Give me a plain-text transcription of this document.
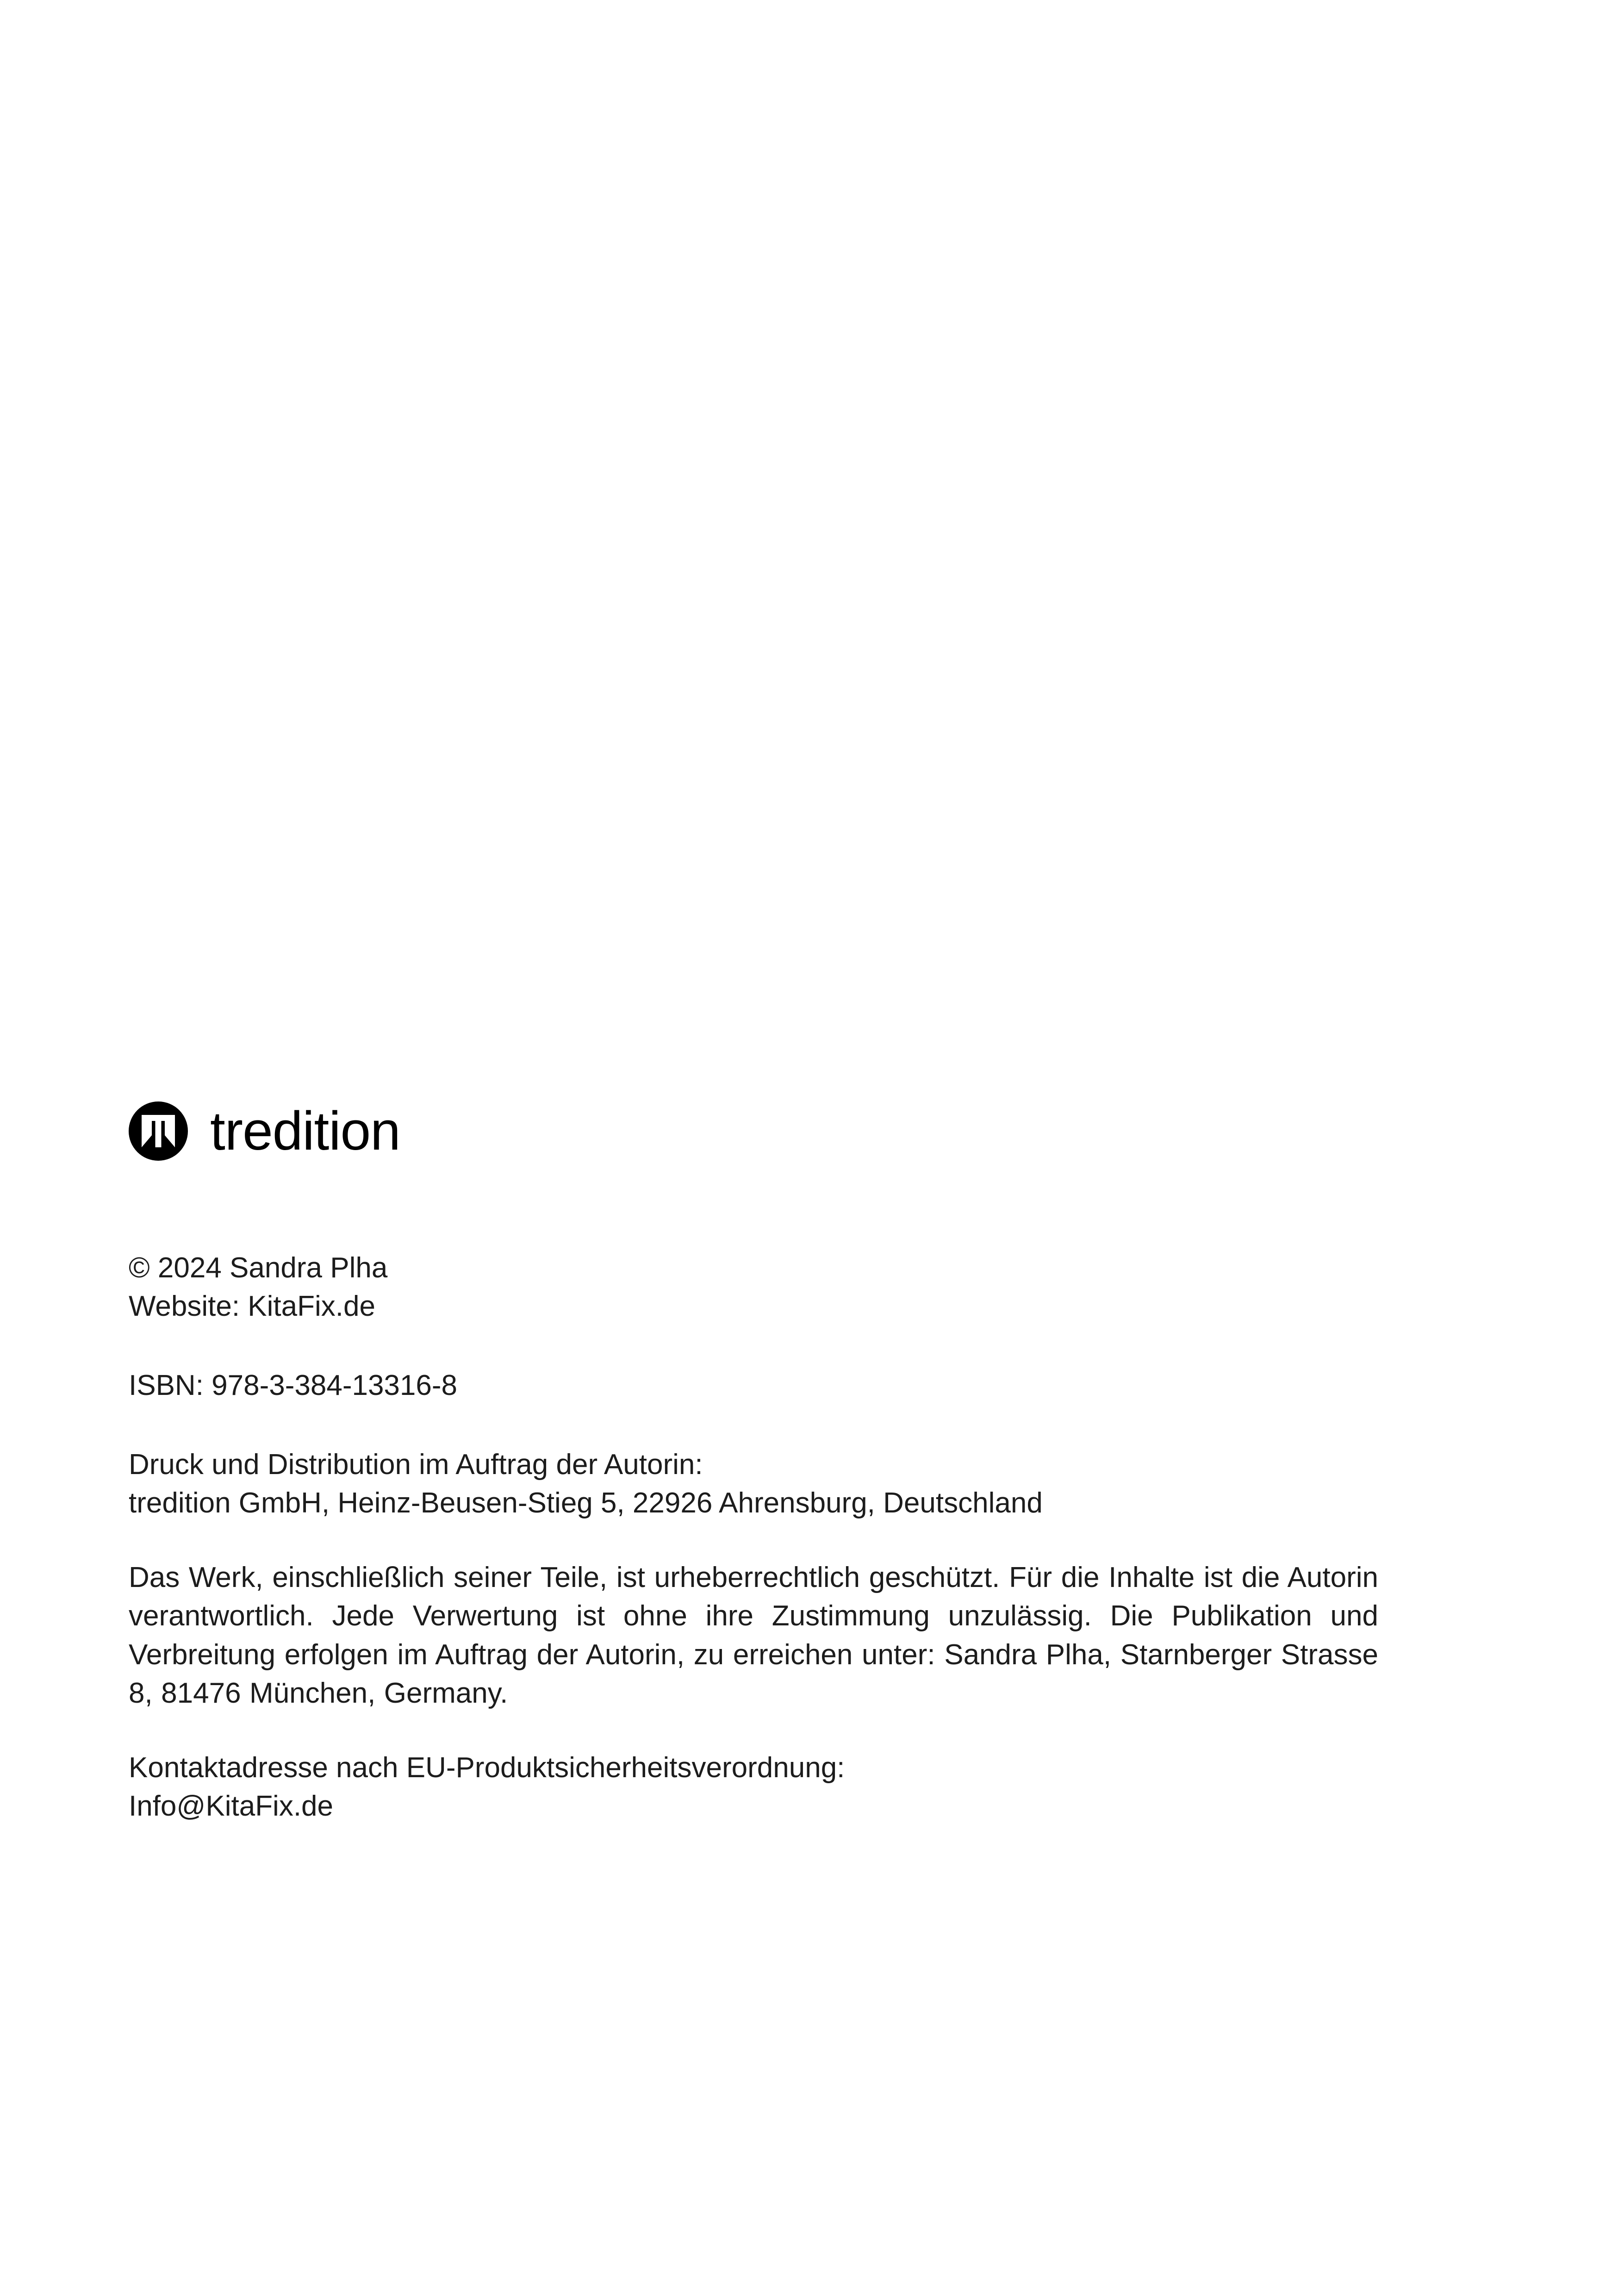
tredition

© 2024 Sandra Plha

Website: KitaFix.de

ISBN: 978-3-384-13316-8

Druck und Distribution im Auftrag der Autorin:

tredition GmbH, Heinz-Beusen-Stieg 5, 22926 Ahrensburg, Deutschland

Das Werk, einschließlich seiner Teile, ist urheberrechtlich geschützt. Für die Inhalte ist die Autorin verantwortlich. Jede Verwertung ist ohne ihre Zustimmung unzulässig. Die Publikation und Verbreitung erfolgen im Auftrag der Autorin, zu erreichen unter: Sandra Plha, Starnberger Strasse 8, 81476 München, Germany.

Kontaktadresse nach EU-Produktsicherheitsverordnung:

Info@KitaFix.de
